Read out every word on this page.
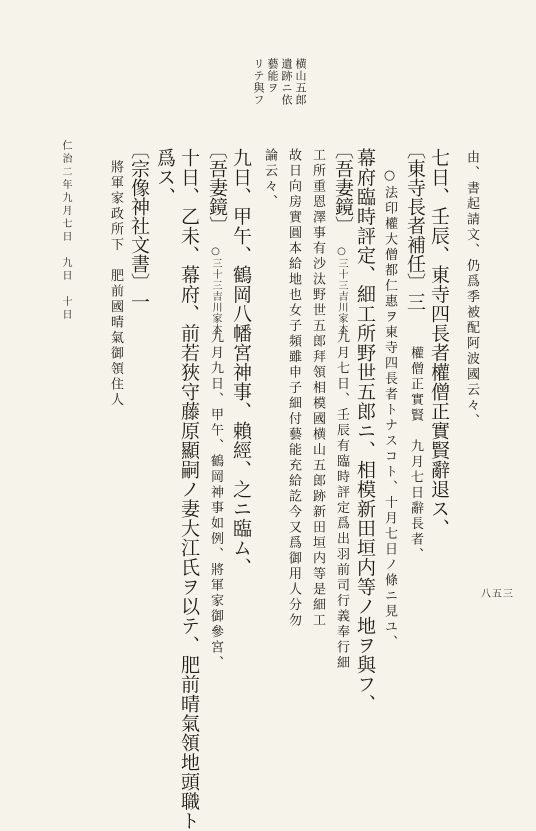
横山五郎
遺跡ニ依
藝能ヲ
リテ與フ
由、書起請文、仍爲季被配阿波國云々、
七日、壬辰、東寺四長者權僧正實賢辭退ス、
〔東寺長者補任〕三
權僧正實賢　九月七日辭長者、
○法印權大僧都仁惠ヲ東寺四長者トナスコト、十月七日ノ條ニ見ユ、
幕府臨時評定、細工所野世五郎ニ、相模新田垣内等ノ地ヲ與フ、
〔吾妻鏡〕
○三十三吉川家本
九月七日、壬辰有臨時評定爲出羽前司行義奉行細
工所重恩澤事有沙汰野世五郎拜領相模國横山五郎跡新田垣内等是細工
故日向房實圓本給地也女子頻雖申子細付藝能充給訖今又爲御用人分勿
論云々、
九日、甲午、鶴岡八幡宮神事、賴經、之ニ臨ム、
〔吾妻鏡〕
○三十三吉川家本
九月九日、甲午、鶴岡神事如例、將軍家御參宮、
十日、乙未、幕府、前若狹守藤原顯嗣ノ妻大江氏ヲ以テ、肥前晴氣領地頭職ト
爲ス、
〔宗像神社文書〕一
將軍家政所下　肥前國晴氣御領住人
仁治二年九月七日　九日　十日
八五三
